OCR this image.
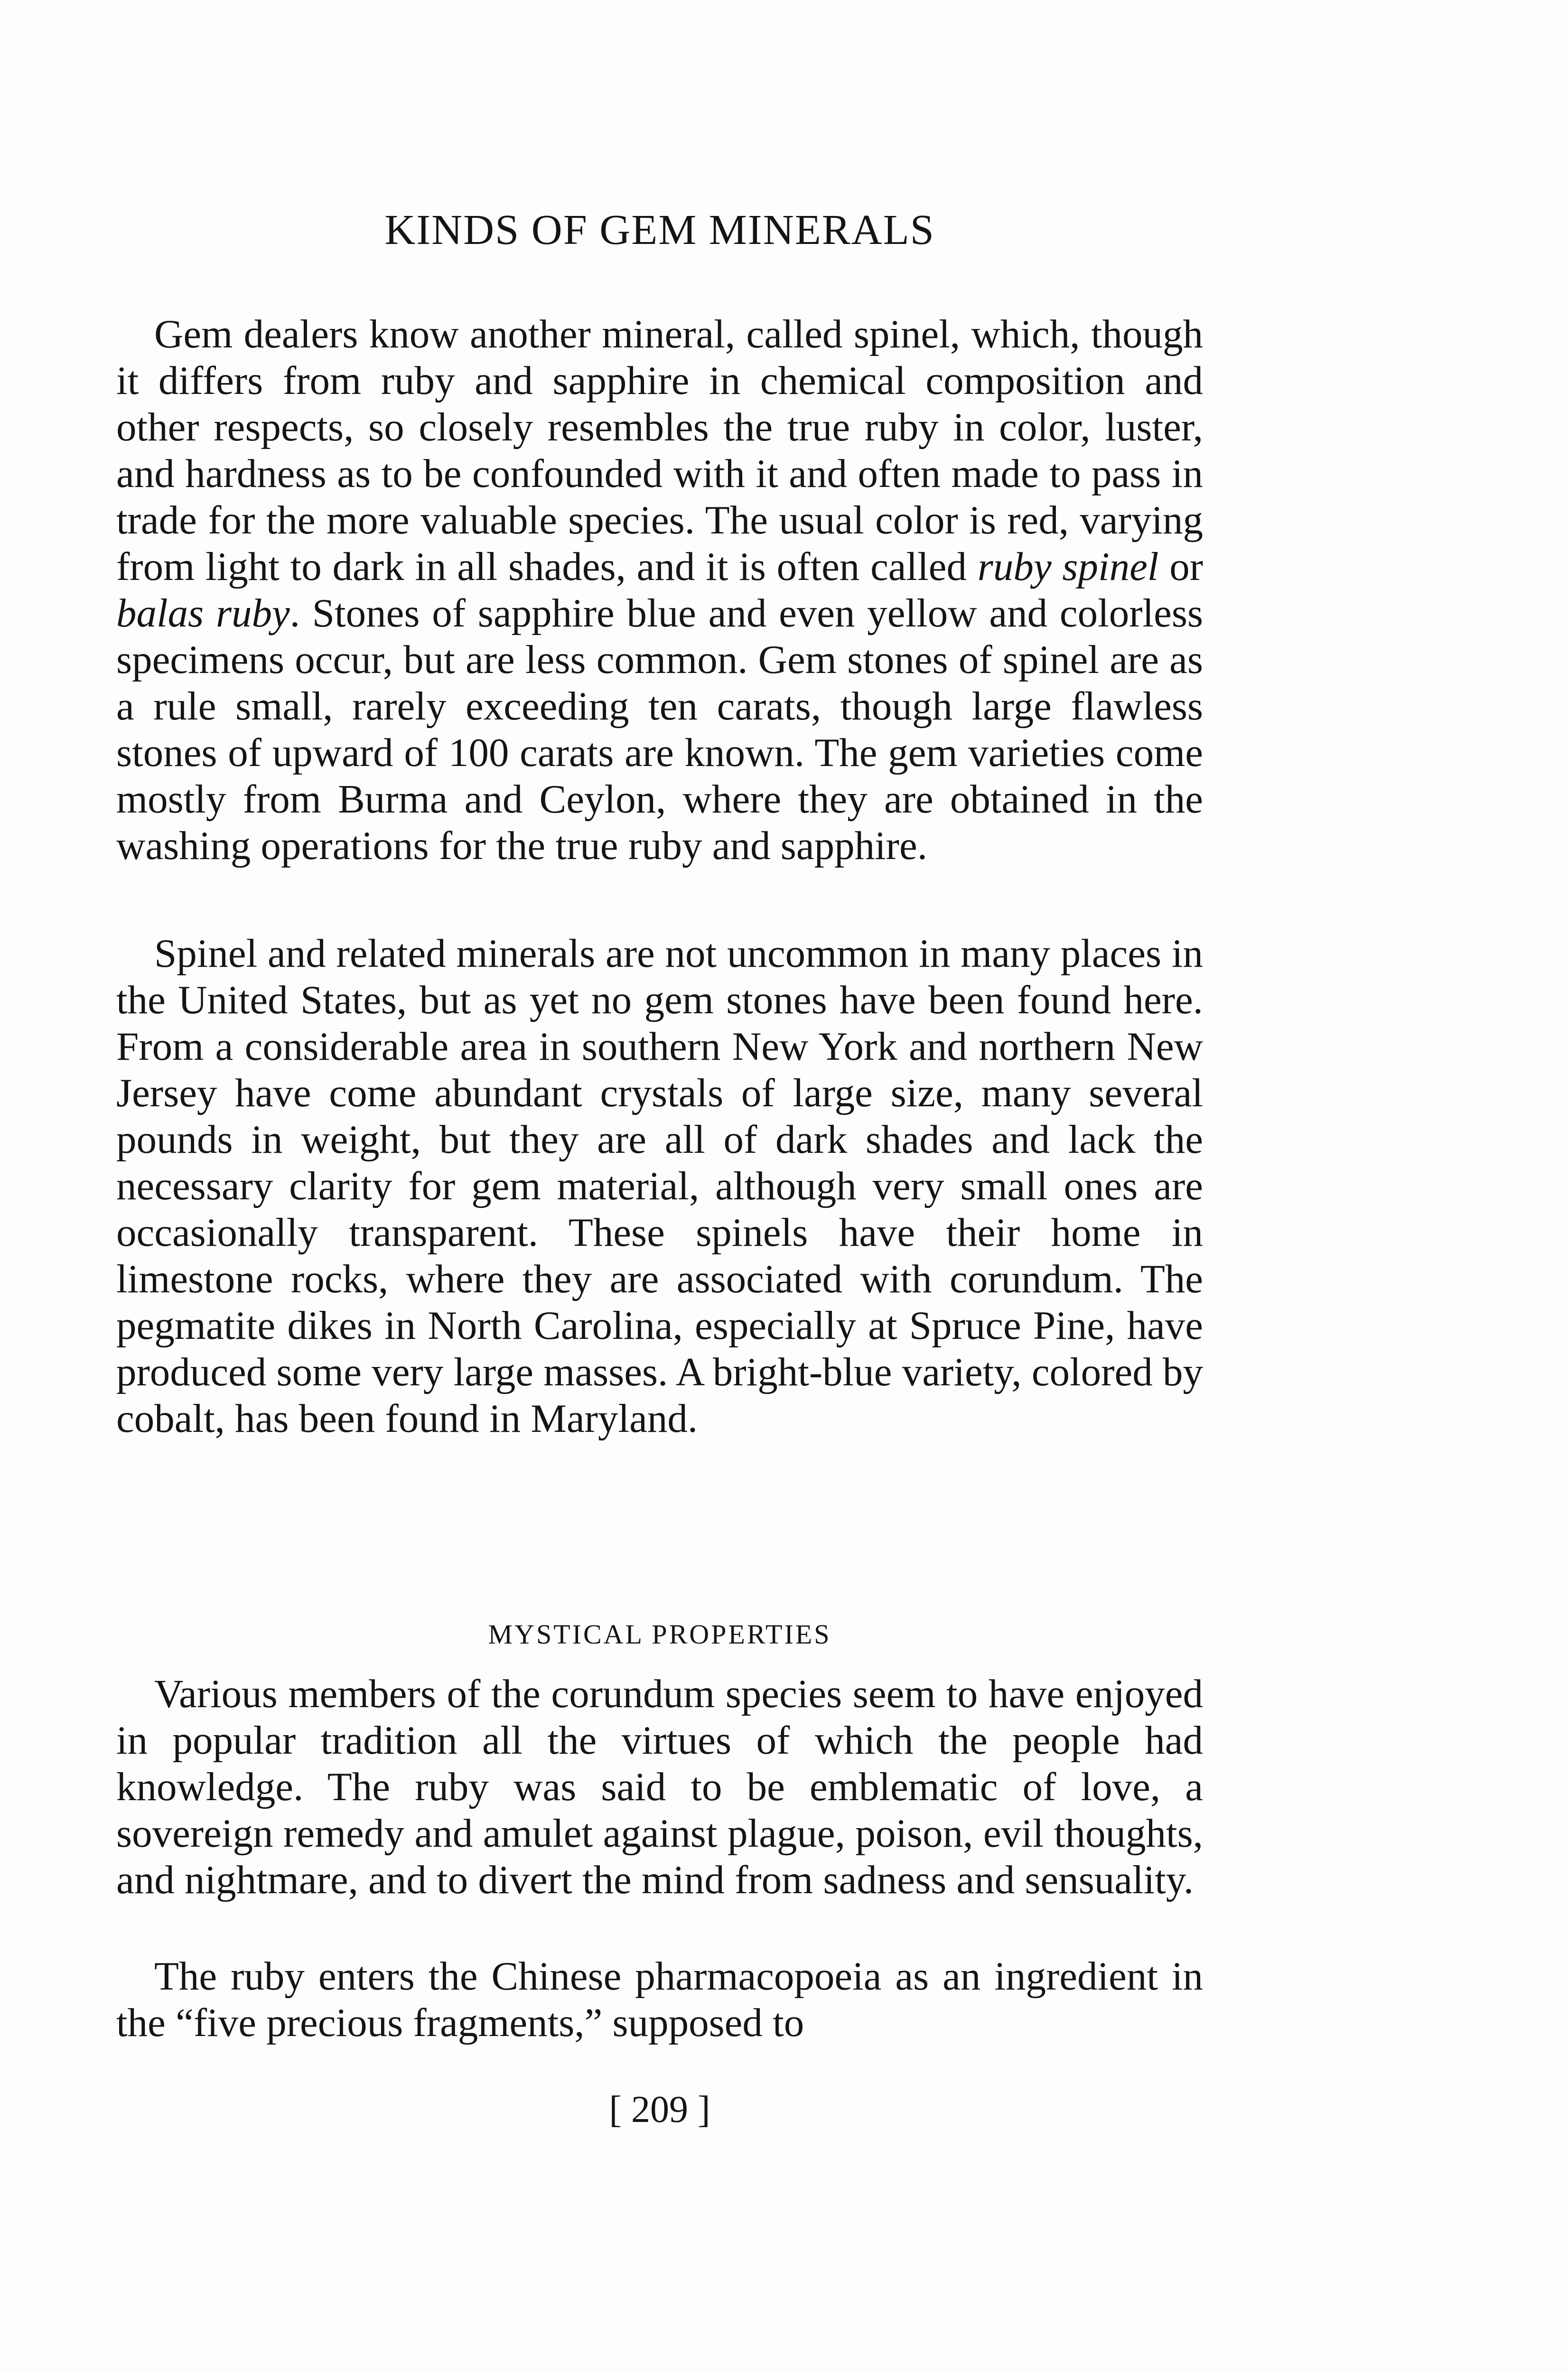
KINDS OF GEM MINERALS

Gem dealers know another mineral, called spinel, which, though it differs from ruby and sapphire in chemical composition and other respects, so closely resembles the true ruby in color, luster, and hardness as to be confounded with it and often made to pass in trade for the more valuable species. The usual color is red, varying from light to dark in all shades, and it is often called ruby spinel or balas ruby. Stones of sapphire blue and even yellow and colorless specimens occur, but are less common. Gem stones of spinel are as a rule small, rarely exceeding ten carats, though large flawless stones of upward of 100 carats are known. The gem varieties come mostly from Burma and Ceylon, where they are obtained in the washing operations for the true ruby and sapphire.

Spinel and related minerals are not uncommon in many places in the United States, but as yet no gem stones have been found here. From a considerable area in southern New York and northern New Jersey have come abundant crystals of large size, many several pounds in weight, but they are all of dark shades and lack the necessary clarity for gem material, although very small ones are occasionally transparent. These spinels have their home in limestone rocks, where they are associated with corundum. The pegmatite dikes in North Carolina, especially at Spruce Pine, have produced some very large masses. A bright-blue variety, colored by cobalt, has been found in Maryland.

MYSTICAL PROPERTIES

Various members of the corundum species seem to have enjoyed in popular tradition all the virtues of which the people had knowledge. The ruby was said to be emblematic of love, a sovereign remedy and amulet against plague, poison, evil thoughts, and nightmare, and to divert the mind from sadness and sensuality.

The ruby enters the Chinese pharmacopoeia as an ingredient in the “five precious fragments,” supposed to

[ 209 ]
